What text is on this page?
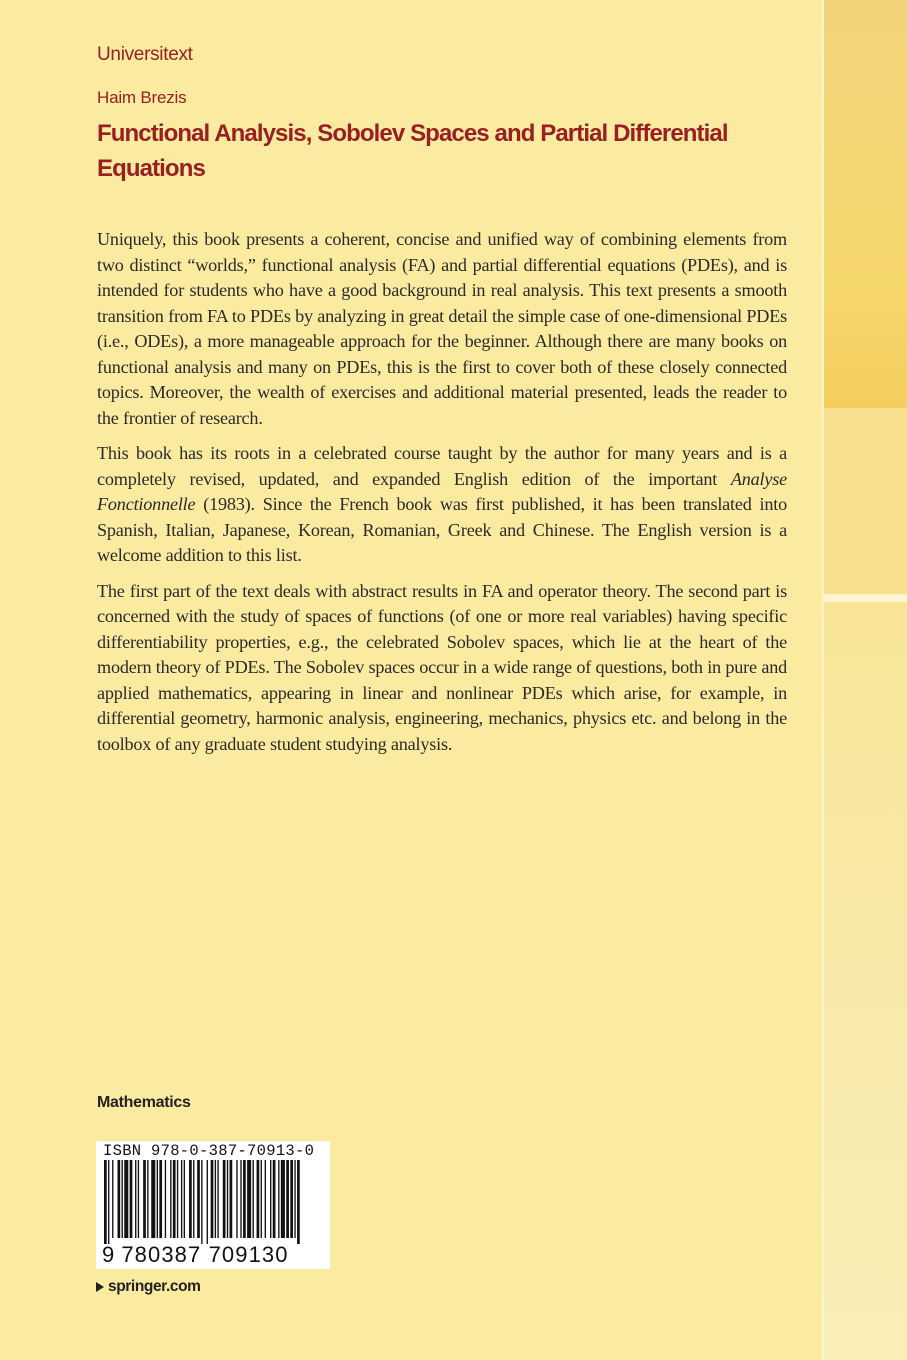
Universitext
Haim Brezis
Functional Analysis, Sobolev Spaces and Partial Differential Equations

Uniquely, this book presents a coherent, concise and unified way of combining elements from two distinct “worlds,” functional analysis (FA) and partial differential equations (PDEs), and is intended for students who have a good background in real analysis. This text presents a smooth transition from FA to PDEs by analyzing in great detail the simple case of one-dimensional PDEs (i.e., ODEs), a more manageable approach for the beginner. Although there are many books on functional analysis and many on PDEs, this is the first to cover both of these closely connected topics. Moreover, the wealth of exercises and additional material presented, leads the reader to the frontier of research.

This book has its roots in a celebrated course taught by the author for many years and is a completely revised, updated, and expanded English edition of the important Analyse Fonctionnelle (1983). Since the French book was first published, it has been translated into Spanish, Italian, Japanese, Korean, Romanian, Greek and Chinese. The English version is a welcome addition to this list.

The first part of the text deals with abstract results in FA and operator theory. The second part is concerned with the study of spaces of functions (of one or more real variables) having specific differentiability properties, e.g., the celebrated Sobolev spaces, which lie at the heart of the modern theory of PDEs. The Sobolev spaces occur in a wide range of questions, both in pure and applied mathematics, appearing in linear and nonlinear PDEs which arise, for example, in differential geometry, harmonic analysis, engineering, mechanics, physics etc. and belong in the toolbox of any graduate student studying analysis.

Mathematics
ISBN 978-0-387-70913-0
9 780387 709130
springer.com
